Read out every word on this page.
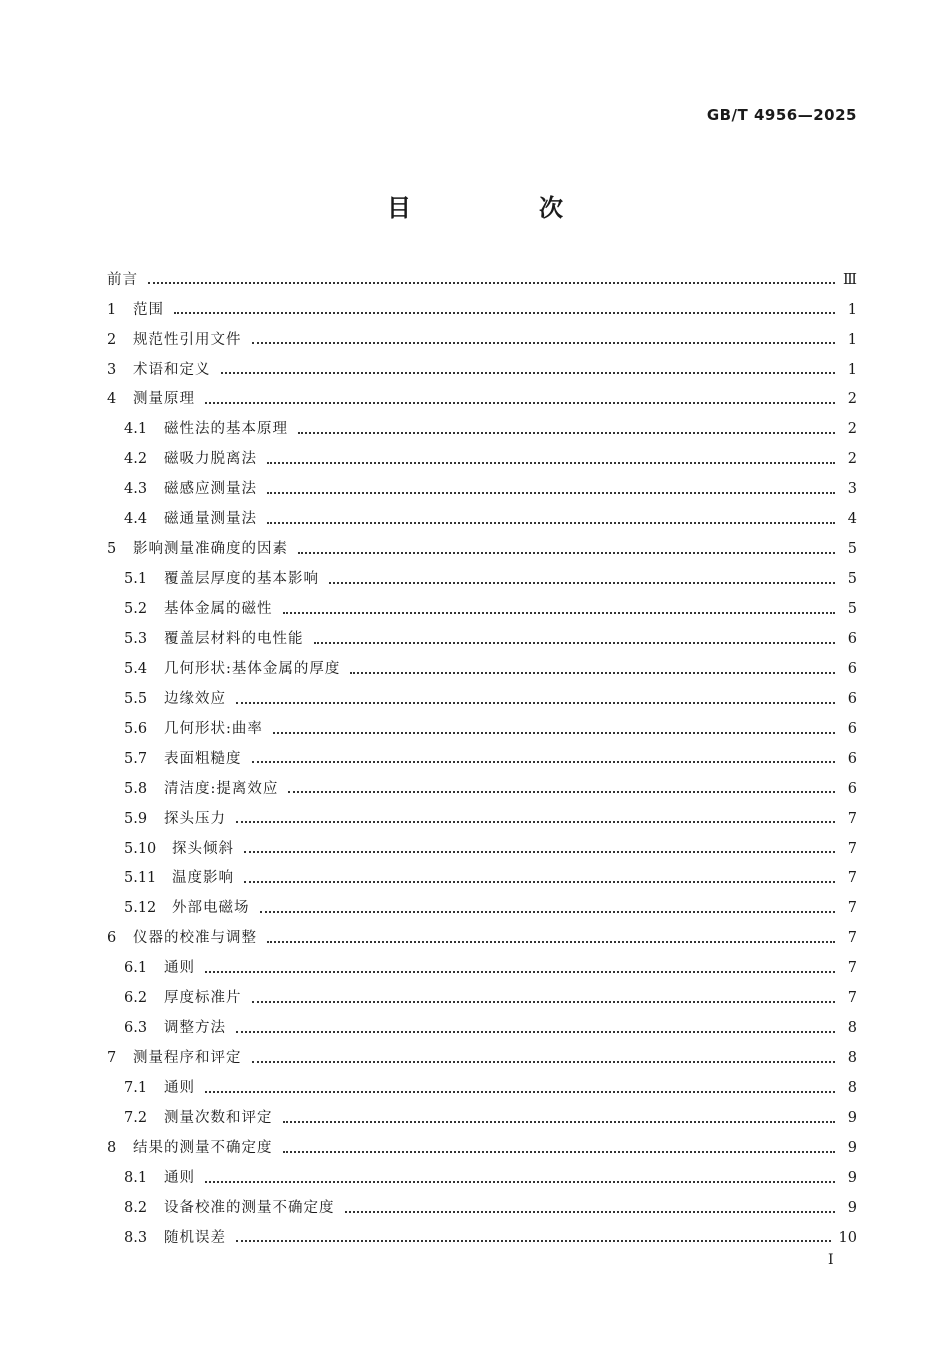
GB/T 4956—2025
目　次
前言	Ⅲ
1	范围	1
2	规范性引用文件	1
3	术语和定义	1
4	测量原理	2
4.1	磁性法的基本原理	2
4.2	磁吸力脱离法	2
4.3	磁感应测量法	3
4.4	磁通量测量法	4
5	影响测量准确度的因素	5
5.1	覆盖层厚度的基本影响	5
5.2	基体金属的磁性	5
5.3	覆盖层材料的电性能	6
5.4	几何形状:基体金属的厚度	6
5.5	边缘效应	6
5.6	几何形状:曲率	6
5.7	表面粗糙度	6
5.8	清洁度:提离效应	6
5.9	探头压力	7
5.10	探头倾斜	7
5.11	温度影响	7
5.12	外部电磁场	7
6	仪器的校准与调整	7
6.1	通则	7
6.2	厚度标准片	7
6.3	调整方法	8
7	测量程序和评定	8
7.1	通则	8
7.2	测量次数和评定	9
8	结果的测量不确定度	9
8.1	通则	9
8.2	设备校准的测量不确定度	9
8.3	随机误差	10
I
